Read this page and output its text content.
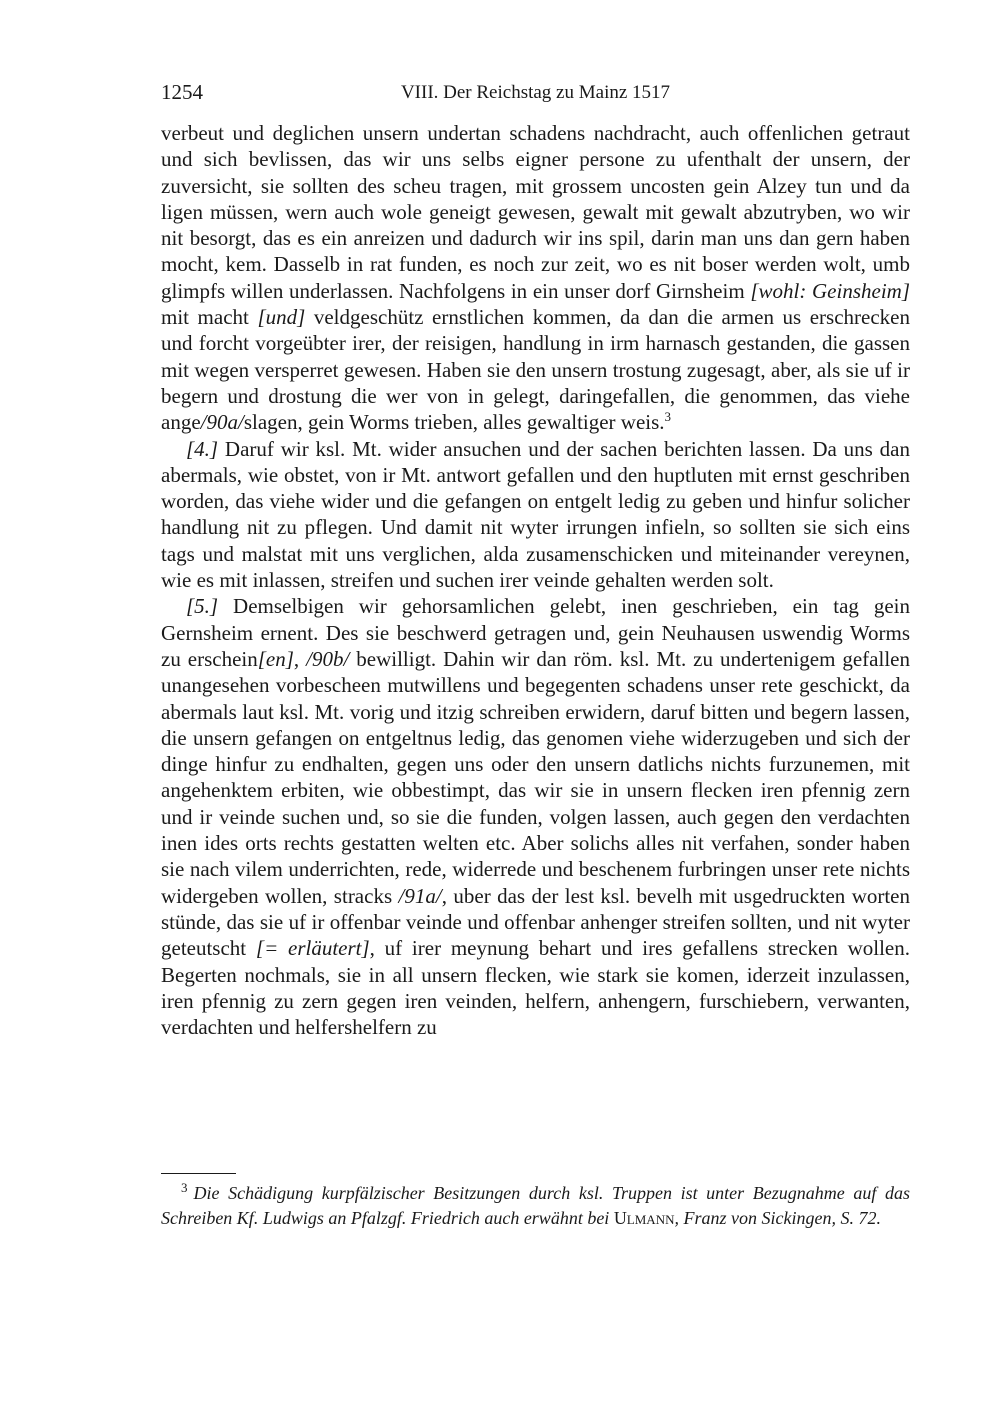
1254	VIII. Der Reichstag zu Mainz 1517

verbeut und deglichen unsern undertan schadens nachdracht, auch offenlichen getraut und sich bevlissen, das wir uns selbs eigner persone zu ufenthalt der unsern, der zuversicht, sie sollten des scheu tragen, mit grossem uncosten gein Alzey tun und da ligen müssen, wern auch wole geneigt gewesen, gewalt mit gewalt abzutryben, wo wir nit besorgt, das es ein anreizen und dadurch wir ins spil, darin man uns dan gern haben mocht, kem. Dasselb in rat funden, es noch zur zeit, wo es nit boser werden wolt, umb glimpfs willen underlassen. Nachfolgens in ein unser dorf Girnsheim [wohl: Geinsheim] mit macht [und] veldgeschütz ernstlichen kommen, da dan die armen us erschrecken und forcht vorgeübter irer, der reisigen, handlung in irm harnasch gestanden, die gassen mit wegen versperret gewesen. Haben sie den unsern trostung zugesagt, aber, als sie uf ir begern und drostung die wer von in gelegt, daringefallen, die genommen, das viehe ange/90a/slagen, gein Worms trieben, alles gewaltiger weis.$^3$

[4.] Daruf wir ksl. Mt. wider ansuchen und der sachen berichten lassen. Da uns dan abermals, wie obstet, von ir Mt. antwort gefallen und den huptluten mit ernst geschriben worden, das viehe wider und die gefangen on entgelt ledig zu geben und hinfur solicher handlung nit zu pflegen. Und damit nit wyter irrungen infieln, so sollten sie sich eins tags und malstat mit uns verglichen, alda zusamenschicken und miteinander vereynen, wie es mit inlassen, streifen und suchen irer veinde gehalten werden solt.

[5.] Demselbigen wir gehorsamlichen gelebt, inen geschrieben, ein tag gein Gernsheim ernent. Des sie beschwerd getragen und, gein Neuhausen uswendig Worms zu erschein[en], /90b/ bewilligt. Dahin wir dan röm. ksl. Mt. zu undertenigem gefallen unangesehen vorbescheen mutwillens und begegenten schadens unser rete geschickt, da abermals laut ksl. Mt. vorig und itzig schreiben erwidern, daruf bitten und begern lassen, die unsern gefangen on entgeltnus ledig, das genomen viehe widerzugeben und sich der dinge hinfur zu endhalten, gegen uns oder den unsern datlichs nichts furzunemen, mit angehenktem erbiten, wie obbestimpt, das wir sie in unsern flecken iren pfennig zern und ir veinde suchen und, so sie die funden, volgen lassen, auch gegen den verdachten inen ides orts rechts gestatten welten etc. Aber solichs alles nit verfahen, sonder haben sie nach vilem underrichten, rede, widerrede und beschenem furbringen unser rete nichts widergeben wollen, stracks /91a/, uber das der lest ksl. bevelh mit usgedruckten worten stünde, das sie uf ir offenbar veinde und offenbar anhenger streifen sollten, und nit wyter geteutscht [= erläutert], uf irer meynung behart und ires gefallens strecken wollen. Begerten nochmals, sie in all unsern flecken, wie stark sie komen, iderzeit inzulassen, iren pfennig zu zern gegen iren veinden, helfern, anhengern, furschiebern, verwanten, verdachten und helfershelfern zu

$^3$ Die Schädigung kurpfälzischer Besitzungen durch ksl. Truppen ist unter Bezugnahme auf das Schreiben Kf. Ludwigs an Pfalzgf. Friedrich auch erwähnt bei Ulmann, Franz von Sickingen, S. 72.
